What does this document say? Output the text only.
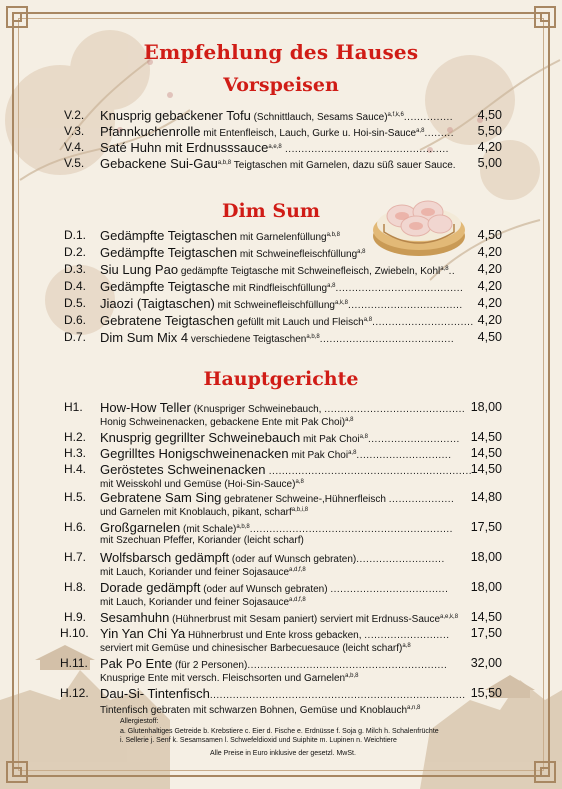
Empfehlung des Hauses
Vorspeisen
V.2. Knusprig gebackener Tofu (Schnittlauch, Sesams Sauce)$^{a,f,k,6}$............... 4,50
V.3. Pfannkuchenrolle mit Entenfleisch, Lauch, Gurke u. Hoi-sin-Sauce$^{a,8}$......... 5,50
V.4. Saté Huhn mit Erdnusssauce$^{a,e,8}$ .................................................. 4,20
V.5. Gebackene Sui-Gau$^{a,b,8}$ Teigtaschen mit Garnelen, dazu süß sauer Sauce. 5,00
Dim Sum
D.1. Gedämpfte Teigtaschen mit Garnelenfüllung$^{a,b,8}$	4,50
D.2. Gedämpfte Teigtaschen mit Schweinefleischfüllung$^{a,8}$	4,20
D.3. Siu Lung Pao gedämpfte Teigtasche mit Schweinefleisch, Zwiebeln, Kohl$^{a,8}$.. 4,20
D.4. Gedämpfte Teigtasche mit Rindfleischfüllung$^{a,8}$....................................... 4,20
D.5. Jiaozi (Taigtaschen) mit Schweinefleischfüllung$^{a,k,8}$................................... 4,20
D.6. Gebratene Teigtaschen gefüllt mit Lauch und Fleisch$^{a,8}$............................... 4,20
D.7. Dim Sum Mix 4 verschiedene Teigtaschen$^{a,b,8}$......................................... 4,50
Hauptgerichte
H1. How-How Teller (Knuspriger Schweinebauch, ........................................... 18,00
Honig Schweinenacken, gebackene Ente mit Pak Choi)$^{a,8}$
H.2. Knusprig gegrillter Schweinebauch mit Pak Choi$^{a,8}$............................ 14,50
H.3. Gegrilltes Honigschweinenacken mit Pak Choi$^{a,8}$............................. 14,50
H.4. Geröstetes Schweinenacken ..............................................................
14,50
mit Weisskohl und Gemüse (Hoi-Sin-Sauce)$^{a,8}$
H.5. Gebratene Sam Sing gebratener Schweine-,Hühnerfleisch .................... 14,80
und Garnelen mit Knoblauch, pikant, scharf$^{a,b,i,8}$
H.6. Großgarnelen (mit Schale)$^{a,b,8}$.............................................................. 17,50
mit Szechuan Pfeffer, Koriander (leicht scharf)
H.7. Wolfsbarsch gedämpft (oder auf Wunsch gebraten)........................... 18,00
mit Lauch, Koriander und feiner Sojasauce$^{a,d,f,8}$
H.8. Dorade gedämpft (oder auf Wunsch gebraten) .................................... 18,00
mit Lauch, Koriander und feiner Sojasauce$^{a,d,f,8}$
H.9. Sesamhuhn (Hühnerbrust mit Sesam paniert) serviert mit Erdnuss-Sauce$^{a,e,k,8}$ 14,50
H.10. Yin Yan Chi Ya Hühnerbrust und Ente kross gebacken, .......................... 17,50
serviert mit Gemüse und chinesischer Barbecuesauce (leicht scharf)$^{a,8}$
H.11. Pak Po Ente (für 2 Personen)............................................................. 32,00
Knusprige Ente mit versch. Fleischsorten und Garnelen$^{a,b,8}$
H.12. Dau-Si- Tintenfisch.............................................................................. 15,50
Tintenfisch gebraten mit schwarzen Bohnen, Gemüse und Knoblauch$^{a,n,8}$
Allergiestoff:
a. Glutenhaltiges Getreide b. Krebstiere c. Eier d. Fische e. Erdnüsse f. Soja g. Milch h. Schalenfrüchte
i. Sellerie j. Senf k. Sesamsamen l. Schwefeldioxid und Suiphite m. Lupinen n. Weichtiere
Alle Preise in Euro inklusive der gesetzl. MwSt.
